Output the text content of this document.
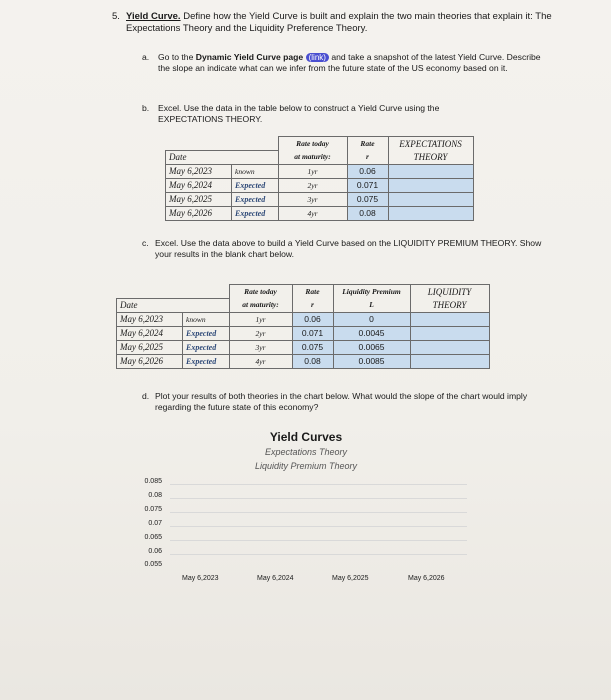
5. Yield Curve. Define how the Yield Curve is built and explain the two main theories that explain it: The Expectations Theory and the Liquidity Preference Theory.
a. Go to the Dynamic Yield Curve page (link) and take a snapshot of the latest Yield Curve. Describe the slope an indicate what can we infer from the future state of the US economy based on it.
b. Excel. Use the data in the table below to construct a Yield Curve using the EXPECTATIONS THEORY.
		Rate today	Rate	EXPECTATIONS
Date		at maturity:	r	THEORY
May 6,2023	known	1yr	0.06	
May 6,2024	Expected	2yr	0.071	
May 6,2025	Expected	3yr	0.075	
May 6,2026	Expected	4yr	0.08	
c. Excel. Use the data above to build a Yield Curve based on the LIQUIDITY PREMIUM THEORY. Show your results in the blank chart below.
		Rate today	Rate	Liquidity Premium	LIQUIDITY
Date		at maturity:	r	L	THEORY
May 6,2023	known	1yr	0.06	0	
May 6,2024	Expected	2yr	0.071	0.0045	
May 6,2025	Expected	3yr	0.075	0.0065	
May 6,2026	Expected	4yr	0.08	0.0085	
d. Plot your results of both theories in the chart below. What would the slope of the chart would imply regarding the future state of this economy?
Yield Curves
Expectations Theory
Liquidity Premium Theory
0.085
0.08
0.075
0.07
0.065
0.06
0.055
May 6,2023	May 6,2024	May 6,2025	May 6,2026
